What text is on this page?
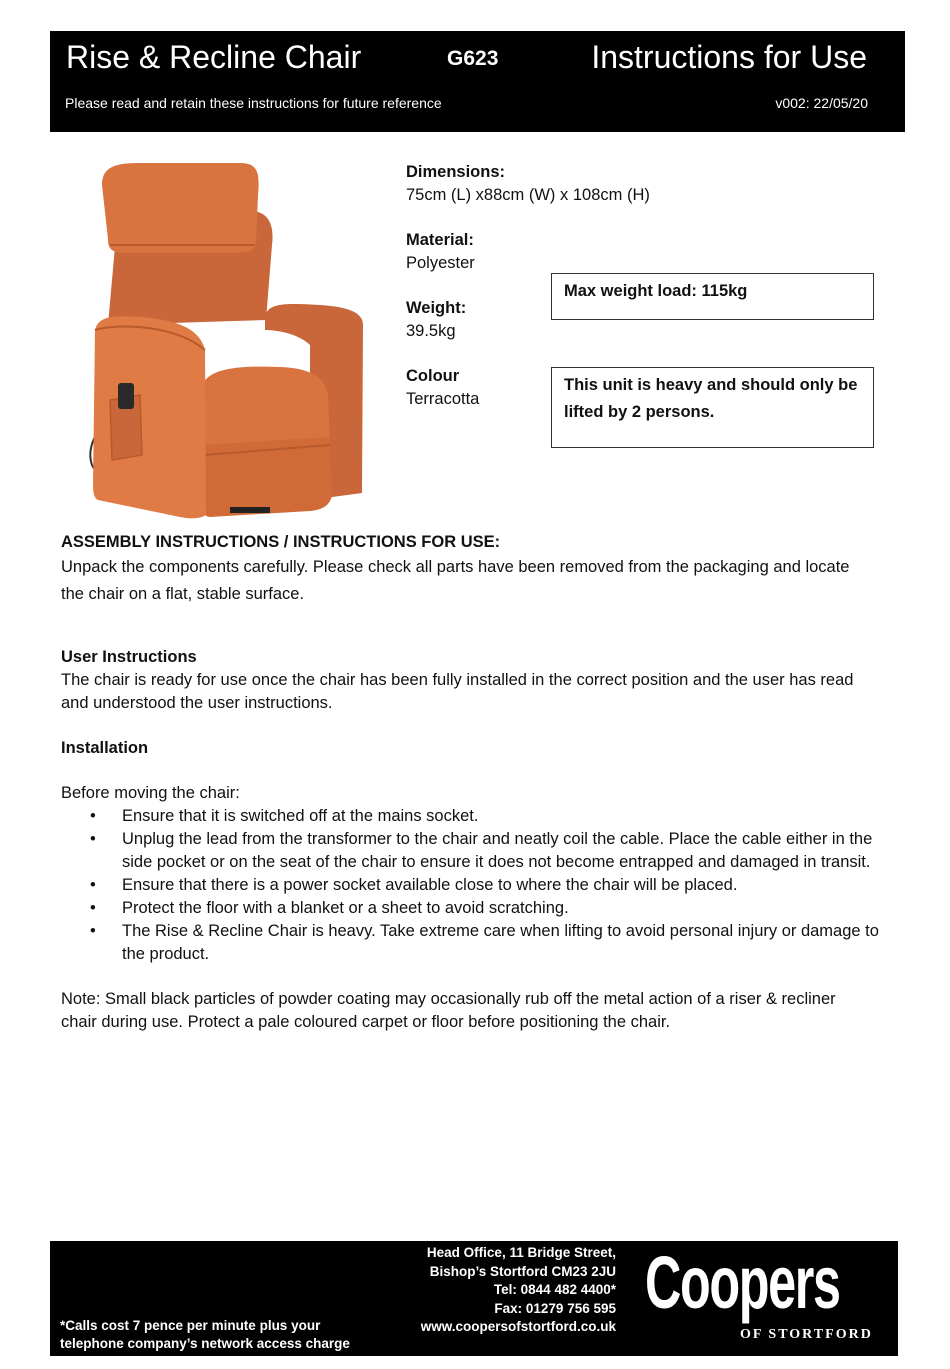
Rise & Recline Chair	G623	Instructions for Use
Please read and retain these instructions for future reference	v002: 22/05/20
Dimensions:
75cm (L) x88cm (W) x 108cm (H)
Material:
Polyester
Weight:
39.5kg
Colour
Terracotta
Max weight load: 115kg
This unit is heavy and should only be
lifted by 2 persons.
ASSEMBLY INSTRUCTIONS / INSTRUCTIONS FOR USE:

Unpack the components carefully. Please check all parts have been removed from the packaging and locate

the chair on a flat, stable surface.

User Instructions

The chair is ready for use once the chair has been fully installed in the correct position and the user has read

and understood the user instructions.

Installation

Before moving the chair:

• Ensure that it is switched off at the mains socket.
• Unplug the lead from the transformer to the chair and neatly coil the cable. Place the cable either in the side pocket or on the seat of the chair to ensure it does not become entrapped and damaged in transit.
• Ensure that there is a power socket available close to where the chair will be placed.
• Protect the floor with a blanket or a sheet to avoid scratching.
• The Rise & Recline Chair is heavy. Take extreme care when lifting to avoid personal injury or damage to the product.

Note: Small black particles of powder coating may occasionally rub off the metal action of a riser & recliner

chair during use. Protect a pale coloured carpet or floor before positioning the chair.

Head Office, 11 Bridge Street,
Bishop’s Stortford CM23 2JU
Tel: 0844 482 4400*
Fax: 01279 756 595
www.coopersofstortford.co.uk
*Calls cost 7 pence per minute plus your
telephone company’s network access charge
Coopers
OF STORTFORD
